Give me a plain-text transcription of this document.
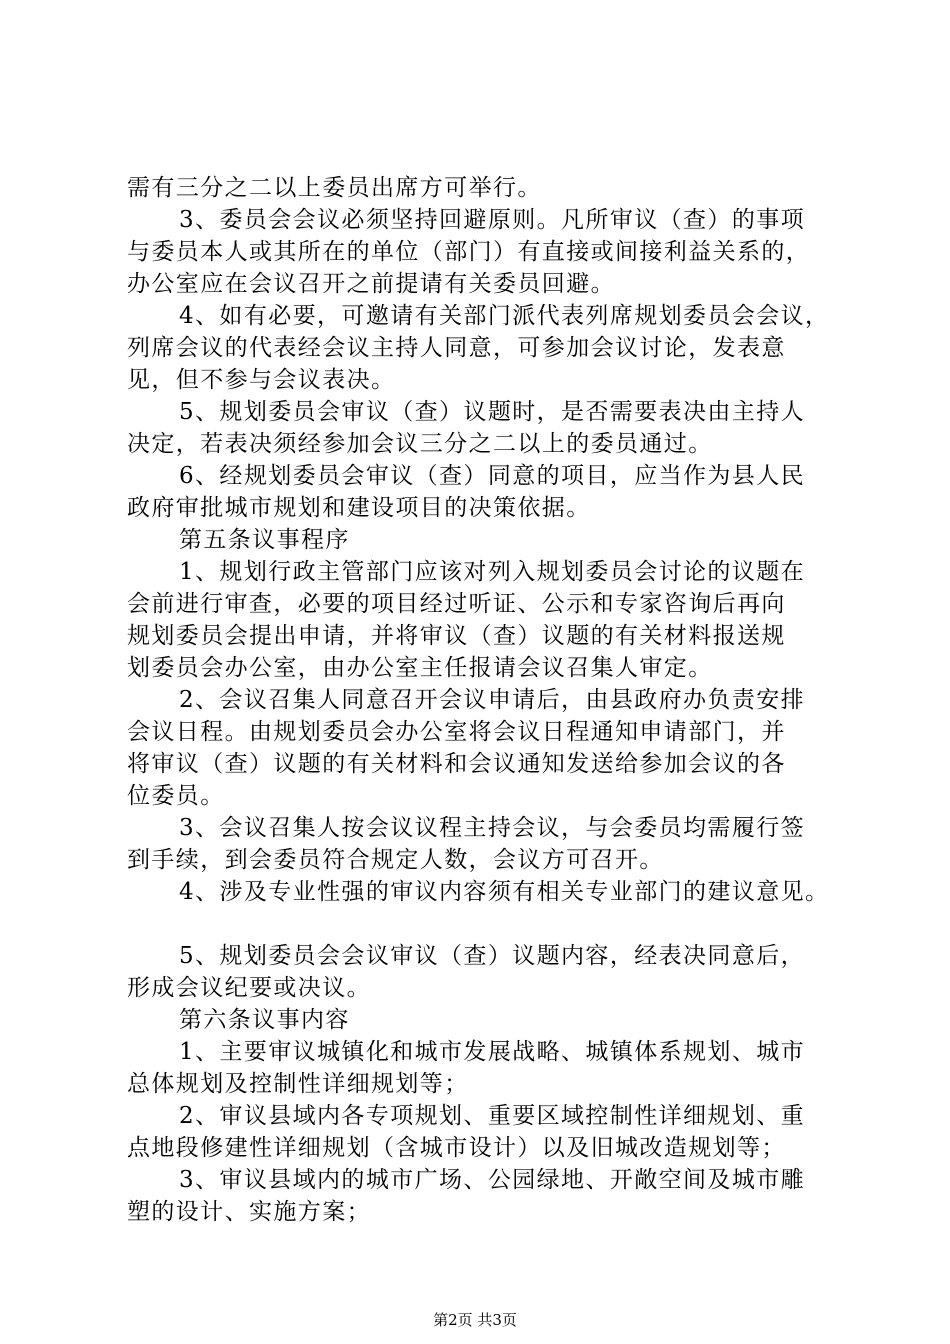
需有三分之二以上委员出席方可举行。
3、委员会会议必须坚持回避原则。凡所审议（查）的事项
与委员本人或其所在的单位（部门）有直接或间接利益关系的，
办公室应在会议召开之前提请有关委员回避。
4、如有必要，可邀请有关部门派代表列席规划委员会会议，
列席会议的代表经会议主持人同意，可参加会议讨论，发表意
见，但不参与会议表决。
5、规划委员会审议（查）议题时，是否需要表决由主持人
决定，若表决须经参加会议三分之二以上的委员通过。
6、经规划委员会审议（查）同意的项目，应当作为县人民
政府审批城市规划和建设项目的决策依据。
第五条议事程序
1、规划行政主管部门应该对列入规划委员会讨论的议题在
会前进行审查，必要的项目经过听证、公示和专家咨询后再向
规划委员会提出申请，并将审议（查）议题的有关材料报送规
划委员会办公室，由办公室主任报请会议召集人审定。
2、会议召集人同意召开会议申请后，由县政府办负责安排
会议日程。由规划委员会办公室将会议日程通知申请部门，并
将审议（查）议题的有关材料和会议通知发送给参加会议的各
位委员。
3、会议召集人按会议议程主持会议，与会委员均需履行签
到手续，到会委员符合规定人数，会议方可召开。
4、涉及专业性强的审议内容须有相关专业部门的建议意见。
5、规划委员会会议审议（查）议题内容，经表决同意后，
形成会议纪要或决议。
第六条议事内容
1、主要审议城镇化和城市发展战略、城镇体系规划、城市
总体规划及控制性详细规划等；
2、审议县域内各专项规划、重要区域控制性详细规划、重
点地段修建性详细规划（含城市设计）以及旧城改造规划等；
3、审议县域内的城市广场、公园绿地、开敞空间及城市雕
塑的设计、实施方案；
第2页 共3页
